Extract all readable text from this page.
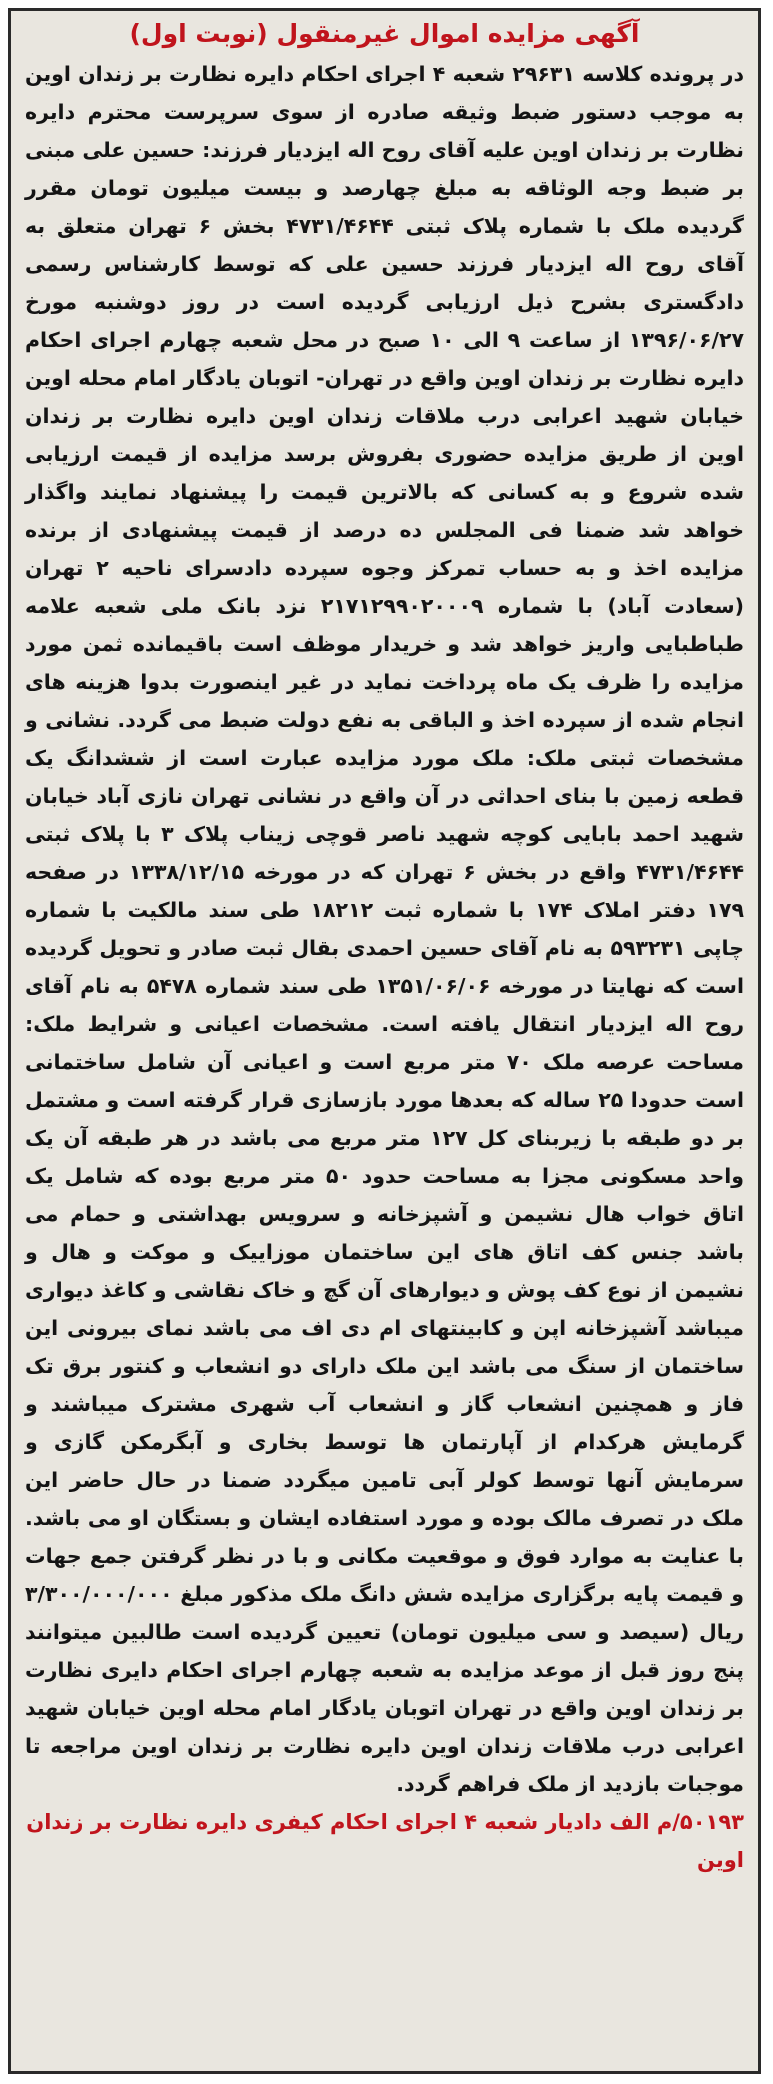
آگهی مزایده اموال غیرمنقول (نوبت اول)

در پرونده کلاسه ۲۹۶۳۱ شعبه ۴ اجرای احکام دایره نظارت بر زندان اوین به موجب دستور ضبط وثیقه صادره از سوی سرپرست محترم دایره نظارت بر زندان اوین علیه آقای روح اله ایزدیار فرزند: حسین علی مبنی بر ضبط وجه الوثاقه به مبلغ چهارصد و بیست میلیون تومان مقرر گردیده ملک با شماره پلاک ثبتی ۴۷۳۱/۴۶۴۴ بخش ۶ تهران متعلق به آقای روح اله ایزدیار فرزند حسین علی که توسط کارشناس رسمی دادگستری بشرح ذیل ارزیابی گردیده است در روز دوشنبه مورخ ۱۳۹۶/۰۶/۲۷ از ساعت ۹ الی ۱۰ صبح در محل شعبه چهارم اجرای احکام دایره نظارت بر زندان اوین واقع در تهران- اتوبان یادگار امام محله اوین خیابان شهید اعرابی درب ملاقات زندان اوین دایره نظارت بر زندان اوین از طریق مزایده حضوری بفروش برسد مزایده از قیمت ارزیابی شده شروع و به کسانی که بالاترین قیمت را پیشنهاد نمایند واگذار خواهد شد ضمنا فی المجلس ده درصد از قیمت پیشنهادی از برنده مزایده اخذ و به حساب تمرکز وجوه سپرده دادسرای ناحیه ۲ تهران (سعادت آباد) با شماره ۲۱۷۱۲۹۹۰۲۰۰۰۹ نزد بانک ملی شعبه علامه طباطبایی واریز خواهد شد و خریدار موظف است باقیمانده ثمن مورد مزایده را ظرف یک ماه پرداخت نماید در غیر اینصورت بدوا هزینه های انجام شده از سپرده اخذ و الباقی به نفع دولت ضبط می گردد. نشانی و مشخصات ثبتی ملک: ملک مورد مزایده عبارت است از ششدانگ یک قطعه زمین با بنای احداثی در آن واقع در نشانی تهران نازی آباد خیابان شهید احمد بابایی کوچه شهید ناصر قوچی زیناب پلاک ۳ با پلاک ثبتی ۴۷۳۱/۴۶۴۴ واقع در بخش ۶ تهران که در مورخه ۱۳۳۸/۱۲/۱۵ در صفحه ۱۷۹ دفتر املاک ۱۷۴ با شماره ثبت ۱۸۲۱۲ طی سند مالکیت با شماره چاپی ۵۹۳۲۳۱ به نام آقای حسین احمدی بقال ثبت صادر و تحویل گردیده است که نهایتا در مورخه ۱۳۵۱/۰۶/۰۶ طی سند شماره ۵۴۷۸ به نام آقای روح اله ایزدیار انتقال یافته است. مشخصات اعیانی و شرایط ملک: مساحت عرصه ملک ۷۰ متر مربع است و اعیانی آن شامل ساختمانی است حدودا ۲۵ ساله که بعدها مورد بازسازی قرار گرفته است و مشتمل بر دو طبقه با زیربنای کل ۱۲۷ متر مربع می باشد در هر طبقه آن یک واحد مسکونی مجزا به مساحت حدود ۵۰ متر مربع بوده که شامل یک اتاق خواب هال نشیمن و آشپزخانه و سرویس بهداشتی و حمام می باشد جنس کف اتاق های این ساختمان موزاییک و موکت و هال و نشیمن از نوع کف پوش و دیوارهای آن گچ و خاک نقاشی و کاغذ دیواری میباشد آشپزخانه اپن و کابینتهای ام دی اف می باشد نمای بیرونی این ساختمان از سنگ می باشد این ملک دارای دو انشعاب و کنتور برق تک فاز و همچنین انشعاب گاز و انشعاب آب شهری مشترک میباشند و گرمایش هرکدام از آپارتمان ها توسط بخاری و آبگرمکن گازی و سرمایش آنها توسط کولر آبی تامین میگردد ضمنا در حال حاضر این ملک در تصرف مالک بوده و مورد استفاده ایشان و بستگان او می باشد. با عنایت به موارد فوق و موقعیت مکانی و با در نظر گرفتن جمع جهات و قیمت پایه برگزاری مزایده شش دانگ ملک مذکور مبلغ ۳/۳۰۰/۰۰۰/۰۰۰ ریال (سیصد و سی میلیون تومان) تعیین گردیده است طالبین میتوانند پنج روز قبل از موعد مزایده به شعبه چهارم اجرای احکام دایری نظارت بر زندان اوین واقع در تهران اتوبان یادگار امام محله اوین خیابان شهید اعرابی درب ملاقات زندان اوین دایره نظارت بر زندان اوین مراجعه تا موجبات بازدید از ملک فراهم گردد.

۵۰۱۹۳/م الف دادیار شعبه ۴ اجرای احکام کیفری دایره نظارت بر زندان اوین
